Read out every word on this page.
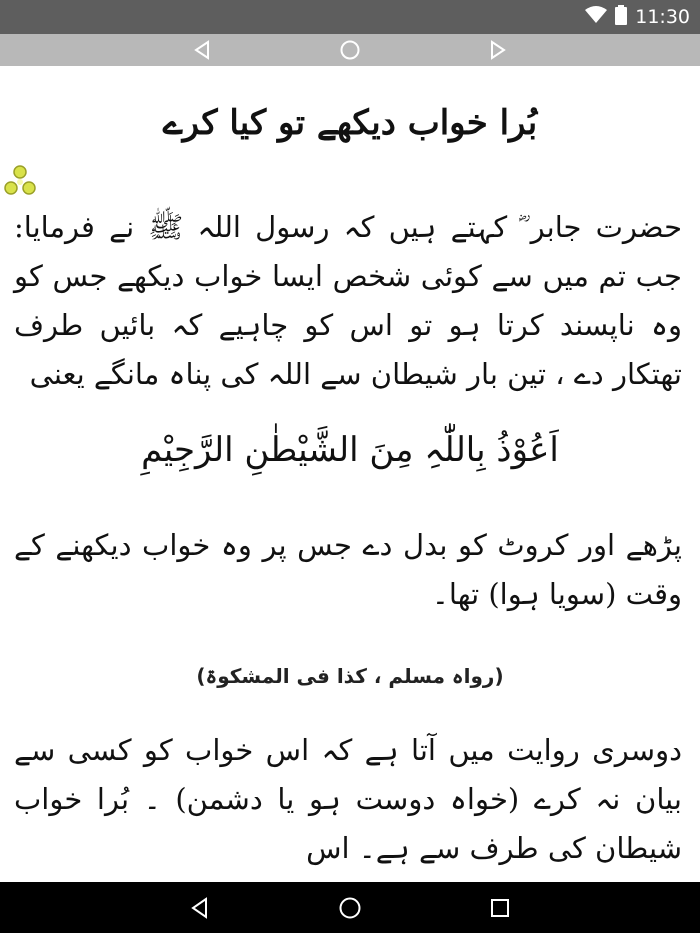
11:30
بُرا خواب دیکھے تو کیا کرے
حضرت جابر ؓ کہتے ہیں کہ رسول اللہ ﷺ نے فرمایا: جب تم میں سے کوئی شخص ایسا خواب دیکھے جس کو وہ ناپسند کرتا ہو تو اس کو چاہیے کہ بائیں طرف تھتکار دے ، تین بار شیطان سے اللہ کی پناہ مانگے یعنی
اَعُوْذُ بِاللّٰہِ مِنَ الشَّیْطٰنِ الرَّجِیْمِ
پڑھے اور کروٹ کو بدل دے جس پر وہ خواب دیکھنے کے وقت (سویا ہوا) تھا۔
(رواہ مسلم ، کذا فی المشکوۃ)
دوسری روایت میں آتا ہے کہ اس خواب کو کسی سے بیان نہ کرے (خواہ دوست ہو یا دشمن) ۔ بُرا خواب شیطان کی طرف سے ہے۔ اس
